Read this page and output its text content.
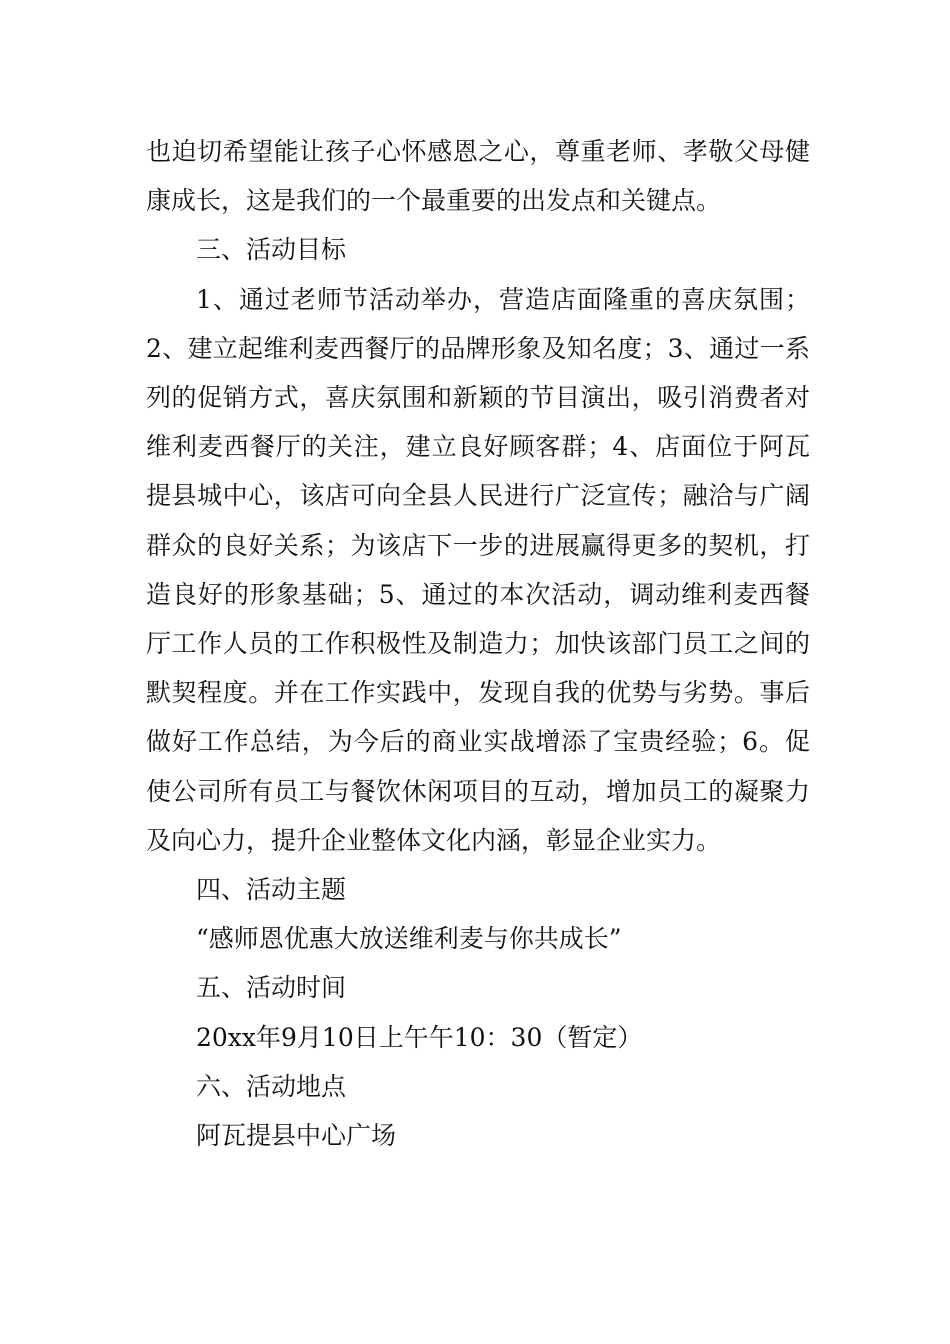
也迫切希望能让孩子心怀感恩之心，尊重老师、孝敬父母健康成长，这是我们的一个最重要的出发点和关键点。

三、活动目标

1、通过老师节活动举办，营造店面隆重的喜庆氛围；2、建立起维利麦西餐厅的品牌形象及知名度；3、通过一系列的促销方式，喜庆氛围和新颖的节目演出，吸引消费者对维利麦西餐厅的关注，建立良好顾客群；4、店面位于阿瓦提县城中心，该店可向全县人民进行广泛宣传；融洽与广阔群众的良好关系；为该店下一步的进展赢得更多的契机，打造良好的形象基础；5、通过的本次活动，调动维利麦西餐厅工作人员的工作积极性及制造力；加快该部门员工之间的默契程度。并在工作实践中，发现自我的优势与劣势。事后做好工作总结，为今后的商业实战增添了宝贵经验；6。促使公司所有员工与餐饮休闲项目的互动，增加员工的凝聚力及向心力，提升企业整体文化内涵，彰显企业实力。

四、活动主题

“感师恩优惠大放送维利麦与你共成长”

五、活动时间

20xx年9月10日上午午10：30（暂定）

六、活动地点

阿瓦提县中心广场
